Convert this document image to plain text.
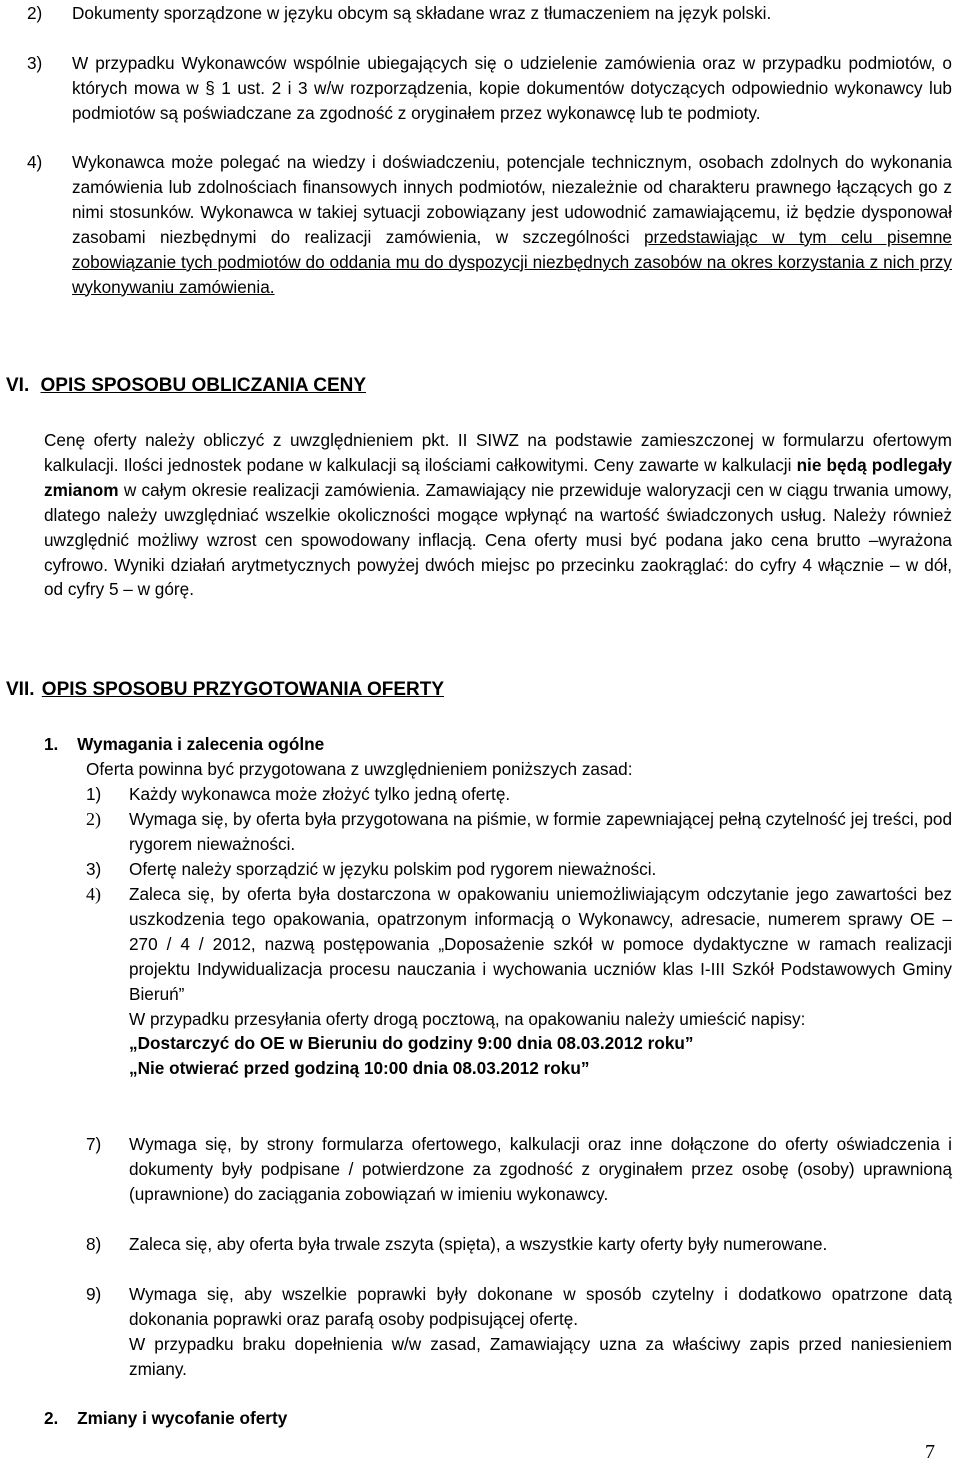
2)	Dokumenty sporządzone w języku obcym są składane wraz z tłumaczeniem na język polski.
3)	W przypadku Wykonawców wspólnie ubiegających się o udzielenie zamówienia oraz w przypadku podmiotów, o których mowa w § 1 ust. 2 i 3 w/w rozporządzenia, kopie dokumentów dotyczących odpowiednio wykonawcy lub podmiotów są poświadczane za zgodność z oryginałem przez wykonawcę lub te podmioty.
4)	Wykonawca może polegać na wiedzy i doświadczeniu, potencjale technicznym, osobach zdolnych do wykonania zamówienia lub zdolnościach finansowych innych podmiotów, niezależnie od charakteru prawnego łączących go z nimi stosunków. Wykonawca w takiej sytuacji zobowiązany jest udowodnić zamawiającemu, iż będzie dysponował zasobami niezbędnymi do realizacji zamówienia, w szczególności przedstawiając w tym celu pisemne zobowiązanie tych podmiotów do oddania mu do dyspozycji niezbędnych zasobów na okres korzystania z nich przy wykonywaniu zamówienia.
VI. OPIS SPOSOBU OBLICZANIA CENY
Cenę oferty należy obliczyć z uwzględnieniem pkt. II SIWZ na podstawie zamieszczonej w formularzu ofertowym kalkulacji. Ilości jednostek podane w kalkulacji są ilościami całkowitymi. Ceny zawarte w kalkulacji nie będą podlegały zmianom w całym okresie realizacji zamówienia. Zamawiający nie przewiduje waloryzacji cen w ciągu trwania umowy, dlatego należy uwzględniać wszelkie okoliczności mogące wpłynąć na wartość świadczonych usług. Należy również uwzględnić możliwy wzrost cen spowodowany inflacją. Cena oferty musi być podana jako cena brutto –wyrażona cyfrowo. Wyniki działań arytmetycznych powyżej dwóch miejsc po przecinku zaokrąglać: do cyfry 4 włącznie – w dół, od cyfry 5 – w górę.
VII. OPIS SPOSOBU PRZYGOTOWANIA OFERTY
1. Wymagania i zalecenia ogólne
Oferta powinna być przygotowana z uwzględnieniem poniższych zasad:
1)	Każdy wykonawca może złożyć tylko jedną ofertę.
2)	Wymaga się, by oferta była przygotowana na piśmie, w formie zapewniającej pełną czytelność jej treści, pod rygorem nieważności.
3)	Ofertę należy sporządzić w języku polskim pod rygorem nieważności.
4)	Zaleca się, by oferta była dostarczona w opakowaniu uniemożliwiającym odczytanie jego zawartości bez uszkodzenia tego opakowania, opatrzonym informacją o Wykonawcy, adresacie, numerem sprawy OE – 270 / 4 / 2012, nazwą postępowania „Doposażenie szkół w pomoce dydaktyczne w ramach realizacji projektu Indywidualizacja procesu nauczania i wychowania uczniów klas I-III Szkół Podstawowych Gminy Bieruń”

W przypadku przesyłania oferty drogą pocztową, na opakowaniu należy umieścić napisy:

„Dostarczyć do OE w Bieruniu do godziny 9:00 dnia 08.03.2012 roku”

„Nie otwierać przed godziną 10:00 dnia 08.03.2012 roku”

7)	Wymaga się, by strony formularza ofertowego, kalkulacji oraz inne dołączone do oferty oświadczenia i dokumenty były podpisane / potwierdzone za zgodność z oryginałem przez osobę (osoby) uprawnioną (uprawnione) do zaciągania zobowiązań w imieniu wykonawcy.
8)	Zaleca się, aby oferta była trwale zszyta (spięta), a wszystkie karty oferty były numerowane.
9)	Wymaga się, aby wszelkie poprawki były dokonane w sposób czytelny i dodatkowo opatrzone datą dokonania poprawki oraz parafą osoby podpisującej ofertę.

W przypadku braku dopełnienia w/w zasad, Zamawiający uzna za właściwy zapis przed naniesieniem zmiany.

2. Zmiany i wycofanie oferty
7
